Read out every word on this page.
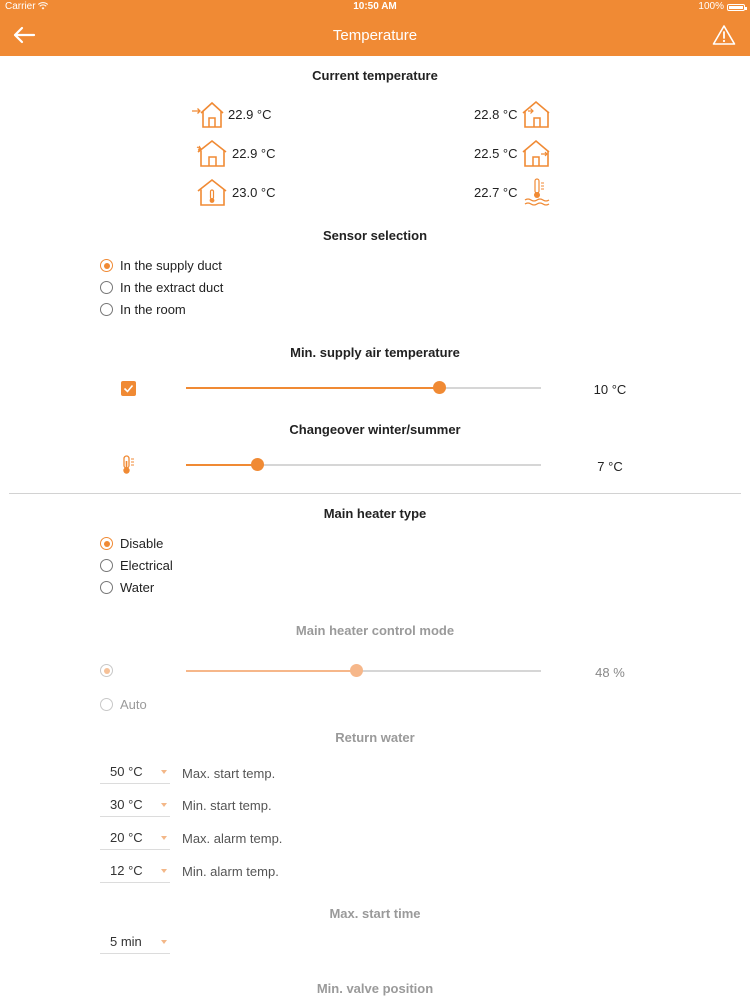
Carrier	10:50 AM	100%
Temperature
Current temperature
22.9 °C	22.8 °C
22.9 °C	22.5 °C
23.0 °C	22.7 °C
Sensor selection
In the supply duct
In the extract duct
In the room
Min. supply air temperature
10 °C
Changeover winter/summer
7 °C
Main heater type
Disable
Electrical
Water
Main heater control mode
48 %
Auto
Return water
50 °C	Max. start temp.
30 °C	Min. start temp.
20 °C	Max. alarm temp.
12 °C	Min. alarm temp.
Max. start time
5 min
Min. valve position
